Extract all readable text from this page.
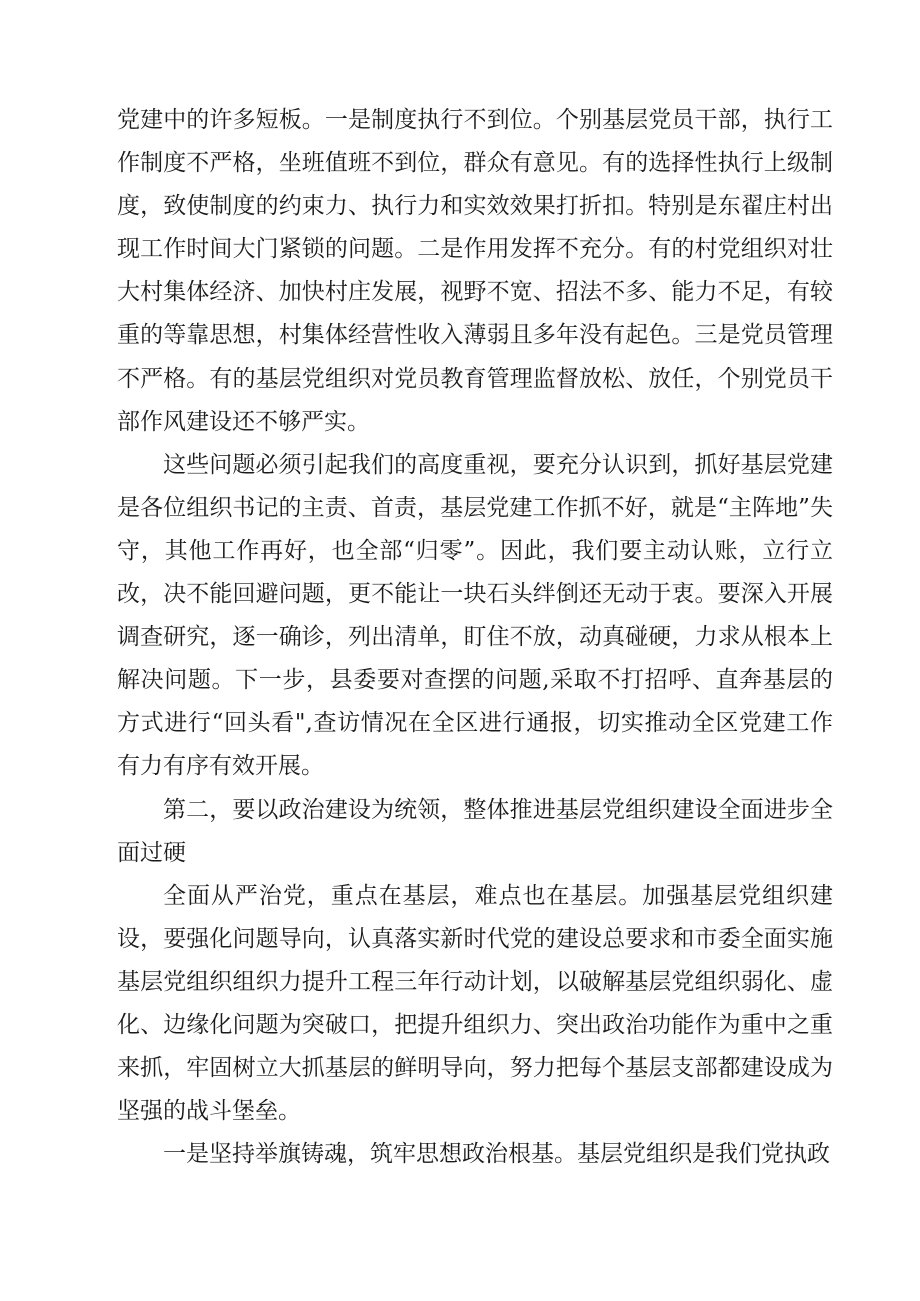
党建中的许多短板。一是制度执行不到位。个别基层党员干部，执行工作制度不严格，坐班值班不到位，群众有意见。有的选择性执行上级制度，致使制度的约束力、执行力和实效效果打折扣。特别是东翟庄村出现工作时间大门紧锁的问题。二是作用发挥不充分。有的村党组织对壮大村集体经济、加快村庄发展，视野不宽、招法不多、能力不足，有较重的等靠思想，村集体经营性收入薄弱且多年没有起色。三是党员管理不严格。有的基层党组织对党员教育管理监督放松、放任，个别党员干部作风建设还不够严实。

这些问题必须引起我们的高度重视，要充分认识到，抓好基层党建是各位组织书记的主责、首责，基层党建工作抓不好，就是“主阵地”失守，其他工作再好，也全部“归零”。因此，我们要主动认账，立行立改，决不能回避问题，更不能让一块石头绊倒还无动于衷。要深入开展调查研究，逐一确诊，列出清单，盯住不放，动真碰硬，力求从根本上解决问题。下一步，县委要对查摆的问题,采取不打招呼、直奔基层的方式进行“回头看",查访情况在全区进行通报，切实推动全区党建工作有力有序有效开展。

第二，要以政治建设为统领，整体推进基层党组织建设全面进步全面过硬

全面从严治党，重点在基层，难点也在基层。加强基层党组织建设，要强化问题导向，认真落实新时代党的建设总要求和市委全面实施基层党组织组织力提升工程三年行动计划，以破解基层党组织弱化、虚化、边缘化问题为突破口，把提升组织力、突出政治功能作为重中之重来抓，牢固树立大抓基层的鲜明导向，努力把每个基层支部都建设成为坚强的战斗堡垒。

一是坚持举旗铸魂，筑牢思想政治根基。基层党组织是我们党执政
